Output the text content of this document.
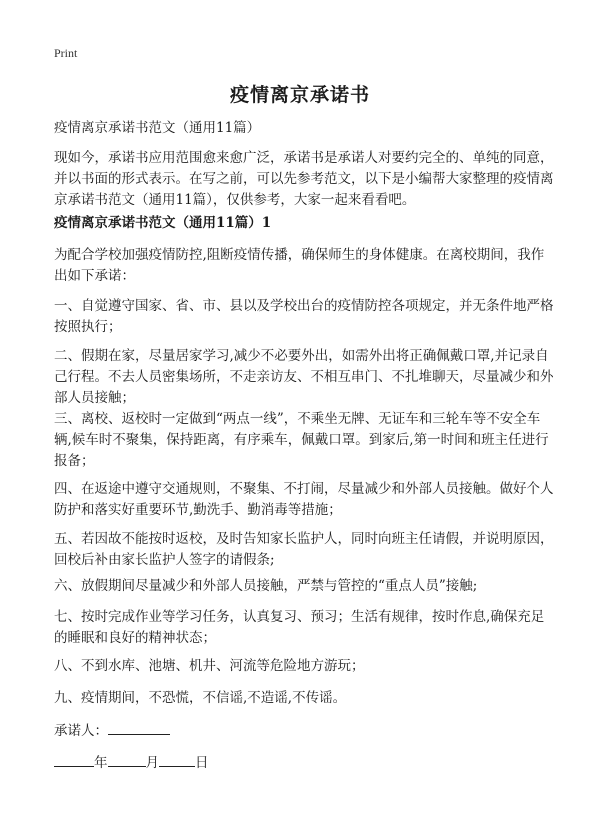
Print
疫情离京承诺书
疫情离京承诺书范文（通用11篇）
现如今，承诺书应用范围愈来愈广泛，承诺书是承诺人对要约完全的、单纯的同意，并以书面的形式表示。在写之前，可以先参考范文，以下是小编帮大家整理的疫情离京承诺书范文（通用11篇），仅供参考，大家一起来看看吧。
疫情离京承诺书范文（通用11篇）1
为配合学校加强疫情防控,阻断疫情传播，确保师生的身体健康。在离校期间，我作出如下承诺：
一、自觉遵守国家、省、市、县以及学校出台的疫情防控各项规定，并无条件地严格按照执行；
二、假期在家，尽量居家学习,减少不必要外出，如需外出将正确佩戴口罩,并记录自己行程。不去人员密集场所，不走亲访友、不相互串门、不扎堆聊天，尽量减少和外部人员接触；
三、离校、返校时一定做到“两点一线”，不乘坐无牌、无证车和三轮车等不安全车辆,候车时不聚集，保持距离，有序乘车，佩戴口罩。到家后,第一时间和班主任进行报备；
四、在返途中遵守交通规则，不聚集、不打闹，尽量减少和外部人员接触。做好个人防护和落实好重要环节,勤洗手、勤消毒等措施；
五、若因故不能按时返校，及时告知家长监护人，同时向班主任请假，并说明原因，回校后补由家长监护人签字的请假条;
六、放假期间尽量减少和外部人员接触，严禁与管控的“重点人员”接触;
七、按时完成作业等学习任务，认真复习、预习；生活有规律，按时作息,确保充足的睡眠和良好的精神状态；
八、不到水库、池塘、机井、河流等危险地方游玩；
九、疫情期间，不恐慌，不信谣,不造谣,不传谣。
承诺人：
年	月	日
